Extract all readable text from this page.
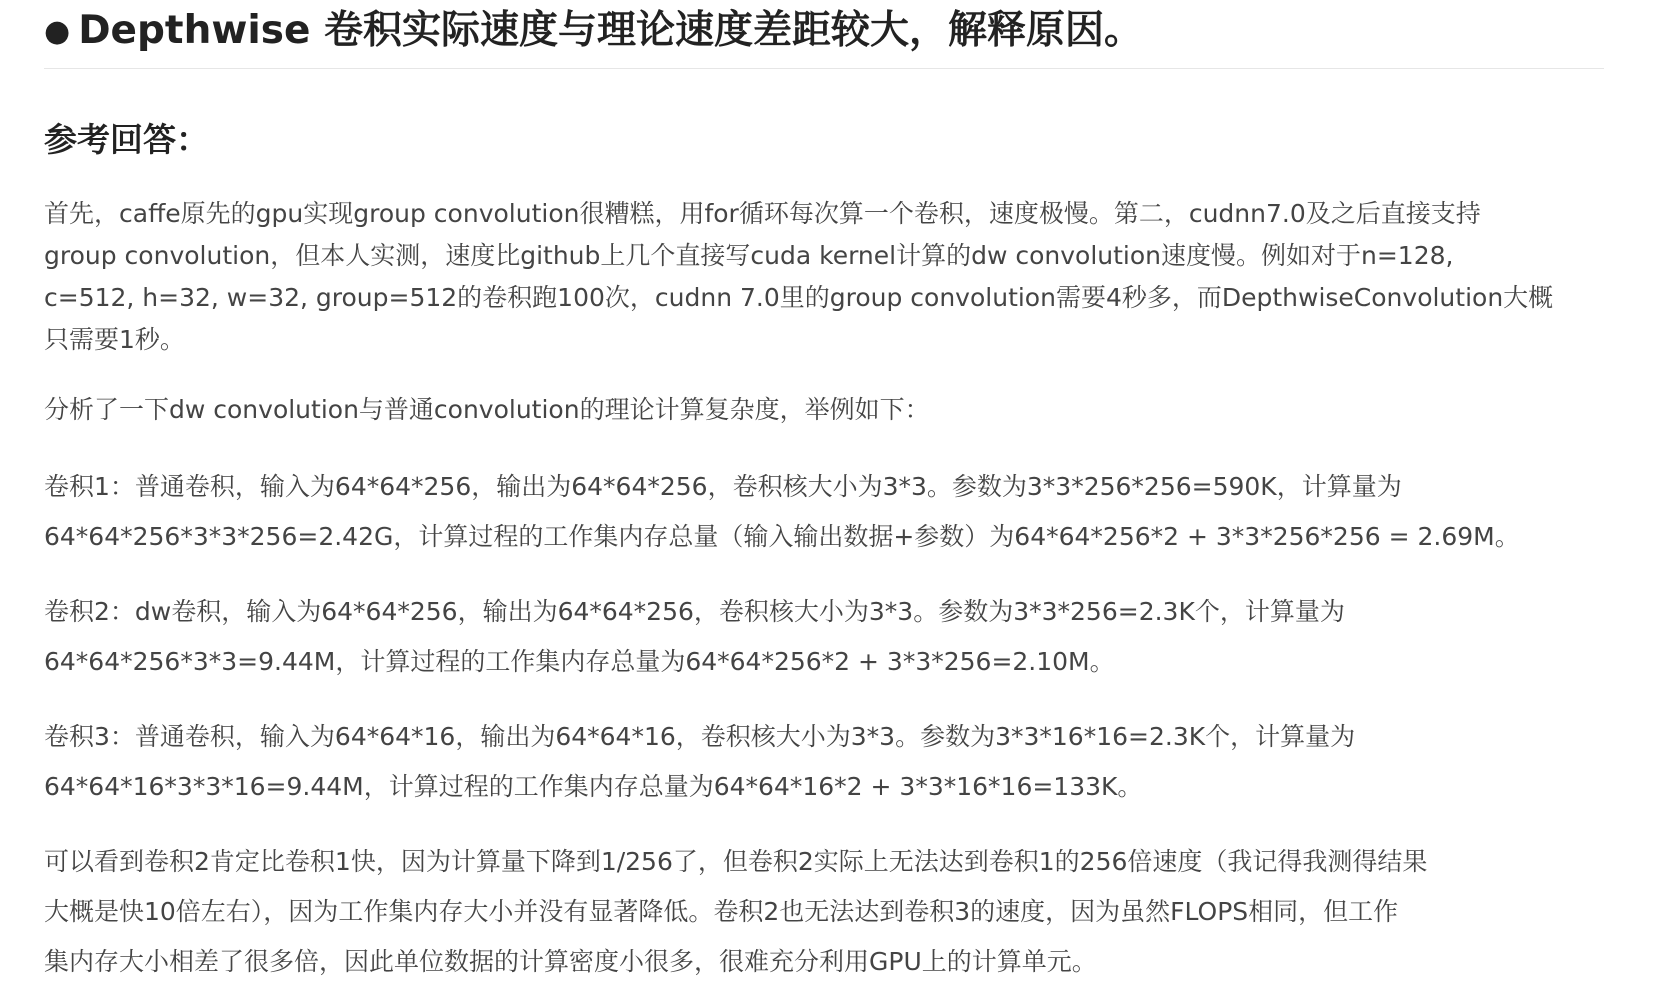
● Depthwise 卷积实际速度与理论速度差距较大，解释原因。
参考回答：

首先，caffe原先的gpu实现group convolution很糟糕，用for循环每次算一个卷积，速度极慢。第二，cudnn7.0及之后直接支持
group convolution，但本人实测，速度比github上几个直接写cuda kernel计算的dw convolution速度慢。例如对于n=128,
c=512, h=32, w=32, group=512的卷积跑100次，cudnn 7.0里的group convolution需要4秒多，而DepthwiseConvolution大概
只需要1秒。

分析了一下dw convolution与普通convolution的理论计算复杂度，举例如下：

卷积1：普通卷积，输入为64*64*256，输出为64*64*256，卷积核大小为3*3。参数为3*3*256*256=590K，计算量为
64*64*256*3*3*256=2.42G，计算过程的工作集内存总量（输入输出数据+参数）为64*64*256*2 + 3*3*256*256 = 2.69M。

卷积2：dw卷积，输入为64*64*256，输出为64*64*256，卷积核大小为3*3。参数为3*3*256=2.3K个，计算量为
64*64*256*3*3=9.44M，计算过程的工作集内存总量为64*64*256*2 + 3*3*256=2.10M。

卷积3：普通卷积，输入为64*64*16，输出为64*64*16，卷积核大小为3*3。参数为3*3*16*16=2.3K个，计算量为
64*64*16*3*3*16=9.44M，计算过程的工作集内存总量为64*64*16*2 + 3*3*16*16=133K。

可以看到卷积2肯定比卷积1快，因为计算量下降到1/256了，但卷积2实际上无法达到卷积1的256倍速度（我记得我测得结果
大概是快10倍左右），因为工作集内存大小并没有显著降低。卷积2也无法达到卷积3的速度，因为虽然FLOPS相同，但工作
集内存大小相差了很多倍，因此单位数据的计算密度小很多，很难充分利用GPU上的计算单元。
